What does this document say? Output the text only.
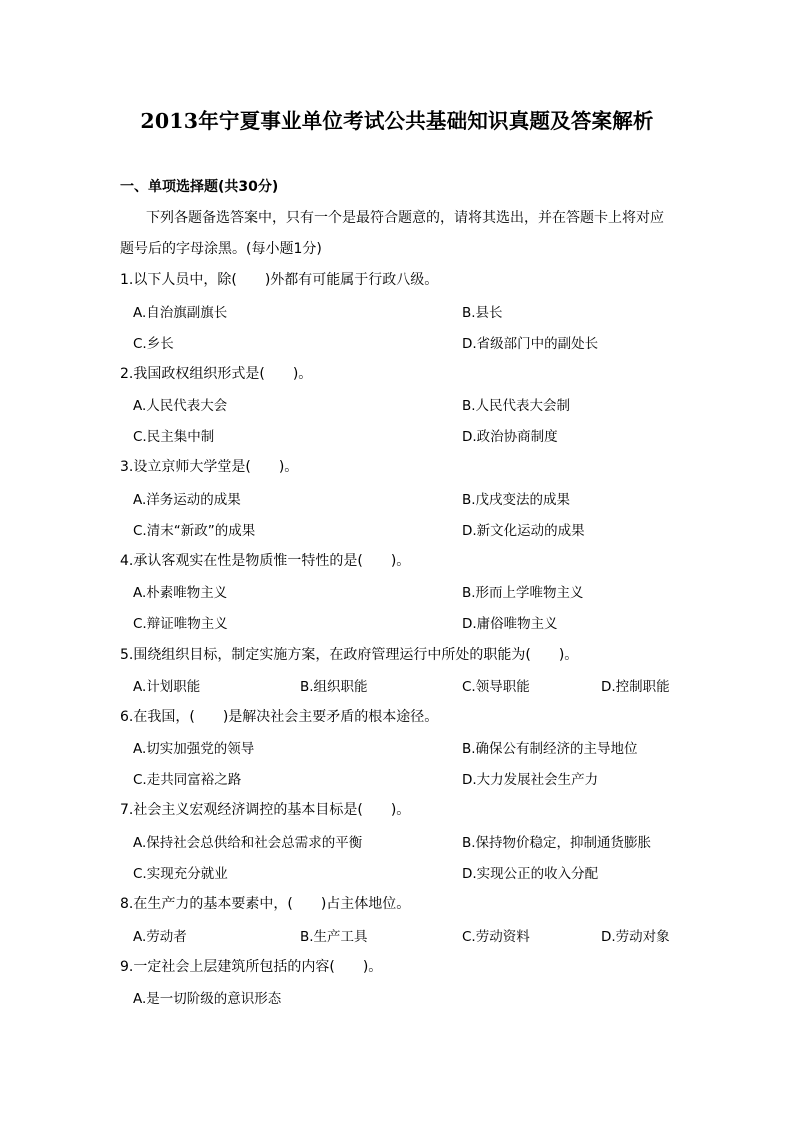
2013年宁夏事业单位考试公共基础知识真题及答案解析
一、单项选择题(共30分)
下列各题备选答案中，只有一个是最符合题意的，请将其选出，并在答题卡上将对应
题号后的字母涂黑。(每小题1分)
1.以下人员中，除(　　)外都有可能属于行政八级。
A.自治旗副旗长	B.县长
C.乡长	D.省级部门中的副处长
2.我国政权组织形式是(　　)。
A.人民代表大会	B.人民代表大会制
C.民主集中制	D.政治协商制度
3.设立京师大学堂是(　　)。
A.洋务运动的成果	B.戊戌变法的成果
C.清末“新政”的成果	D.新文化运动的成果
4.承认客观实在性是物质惟一特性的是(　　)。
A.朴素唯物主义	B.形而上学唯物主义
C.辩证唯物主义	D.庸俗唯物主义
5.围绕组织目标，制定实施方案，在政府管理运行中所处的职能为(　　)。
A.计划职能	B.组织职能	C.领导职能	D.控制职能
6.在我国，(　　)是解决社会主要矛盾的根本途径。
A.切实加强党的领导	B.确保公有制经济的主导地位
C.走共同富裕之路	D.大力发展社会生产力
7.社会主义宏观经济调控的基本目标是(　　)。
A.保持社会总供给和社会总需求的平衡	B.保持物价稳定，抑制通货膨胀
C.实现充分就业	D.实现公正的收入分配
8.在生产力的基本要素中，(　　)占主体地位。
A.劳动者	B.生产工具	C.劳动资料	D.劳动对象
9.一定社会上层建筑所包括的内容(　　)。
A.是一切阶级的意识形态
